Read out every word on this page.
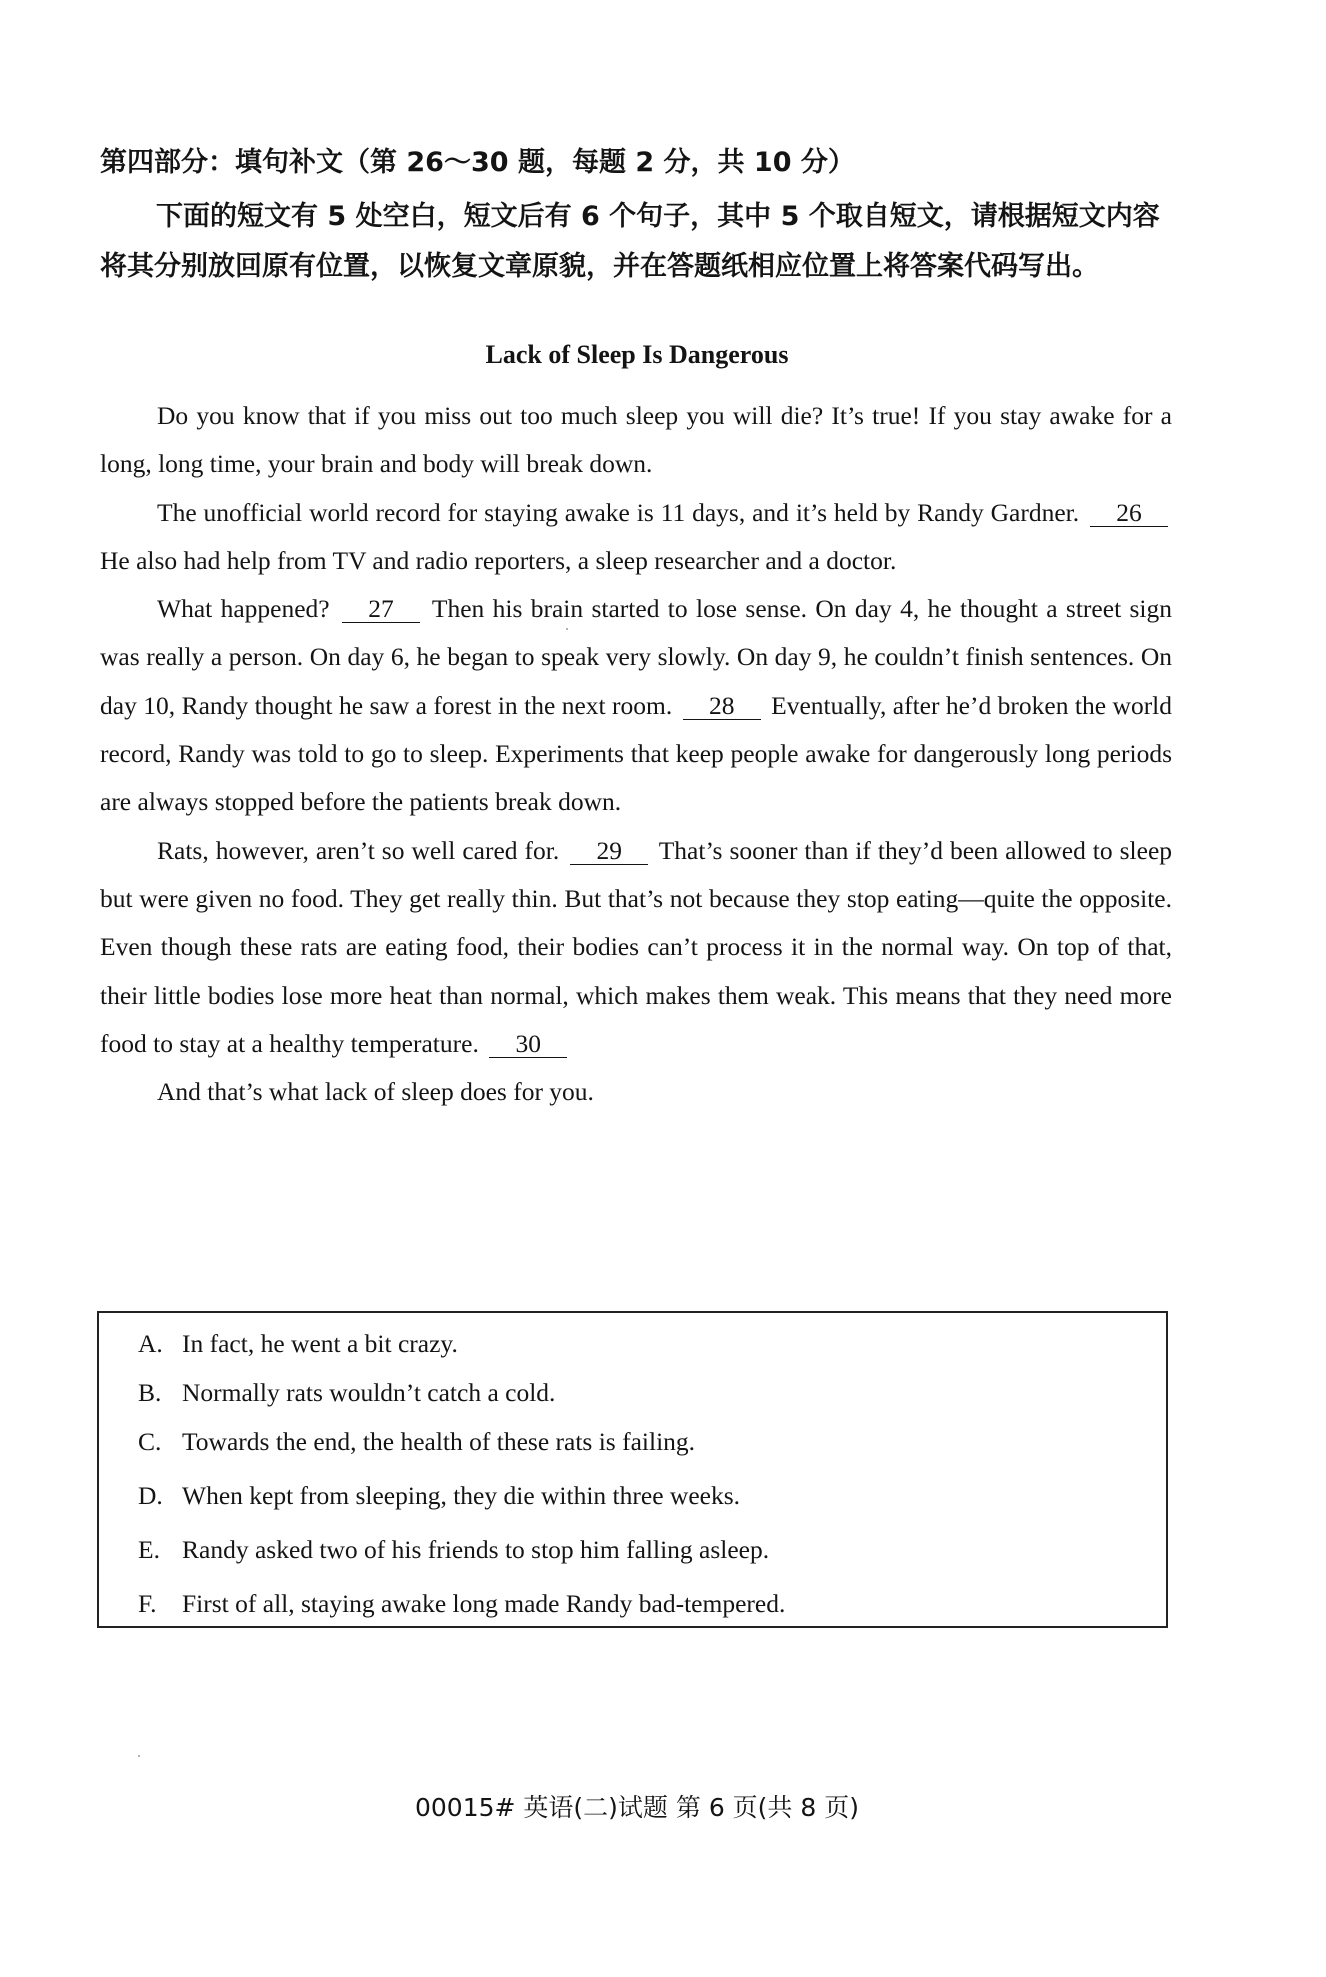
第四部分：填句补文（第 26～30 题，每题 2 分，共 10 分）
下面的短文有 5 处空白，短文后有 6 个句子，其中 5 个取自短文，请根据短文内容将其分别放回原有位置，以恢复文章原貌，并在答题纸相应位置上将答案代码写出。
Lack of Sleep Is Dangerous

Do you know that if you miss out too much sleep you will die? It’s true! If you stay awake for a long, long time, your brain and body will break down.

The unofficial world record for staying awake is 11 days, and it’s held by Randy Gardner. 26 He also had help from TV and radio reporters, a sleep researcher and a doctor.

What happened? 27 Then his brain started to lose sense. On day 4, he thought a street sign was really a person. On day 6, he began to speak very slowly. On day 9, he couldn’t finish sentences. On day 10, Randy thought he saw a forest in the next room. 28 Eventually, after he’d broken the world record, Randy was told to go to sleep. Experiments that keep people awake for dangerously long periods are always stopped before the patients break down.

Rats, however, aren’t so well cared for. 29 That’s sooner than if they’d been allowed to sleep but were given no food. They get really thin. But that’s not because they stop eating—quite the opposite. Even though these rats are eating food, their bodies can’t process it in the normal way. On top of that, their little bodies lose more heat than normal, which makes them weak. This means that they need more food to stay at a healthy temperature. 30

And that’s what lack of sleep does for you.

A. In fact, he went a bit crazy.
B. Normally rats wouldn’t catch a cold.
C. Towards the end, the health of these rats is failing.
D. When kept from sleeping, they die within three weeks.
E. Randy asked two of his friends to stop him falling asleep.
F. First of all, staying awake long made Randy bad-tempered.
00015# 英语(二)试题 第 6 页(共 8 页)
